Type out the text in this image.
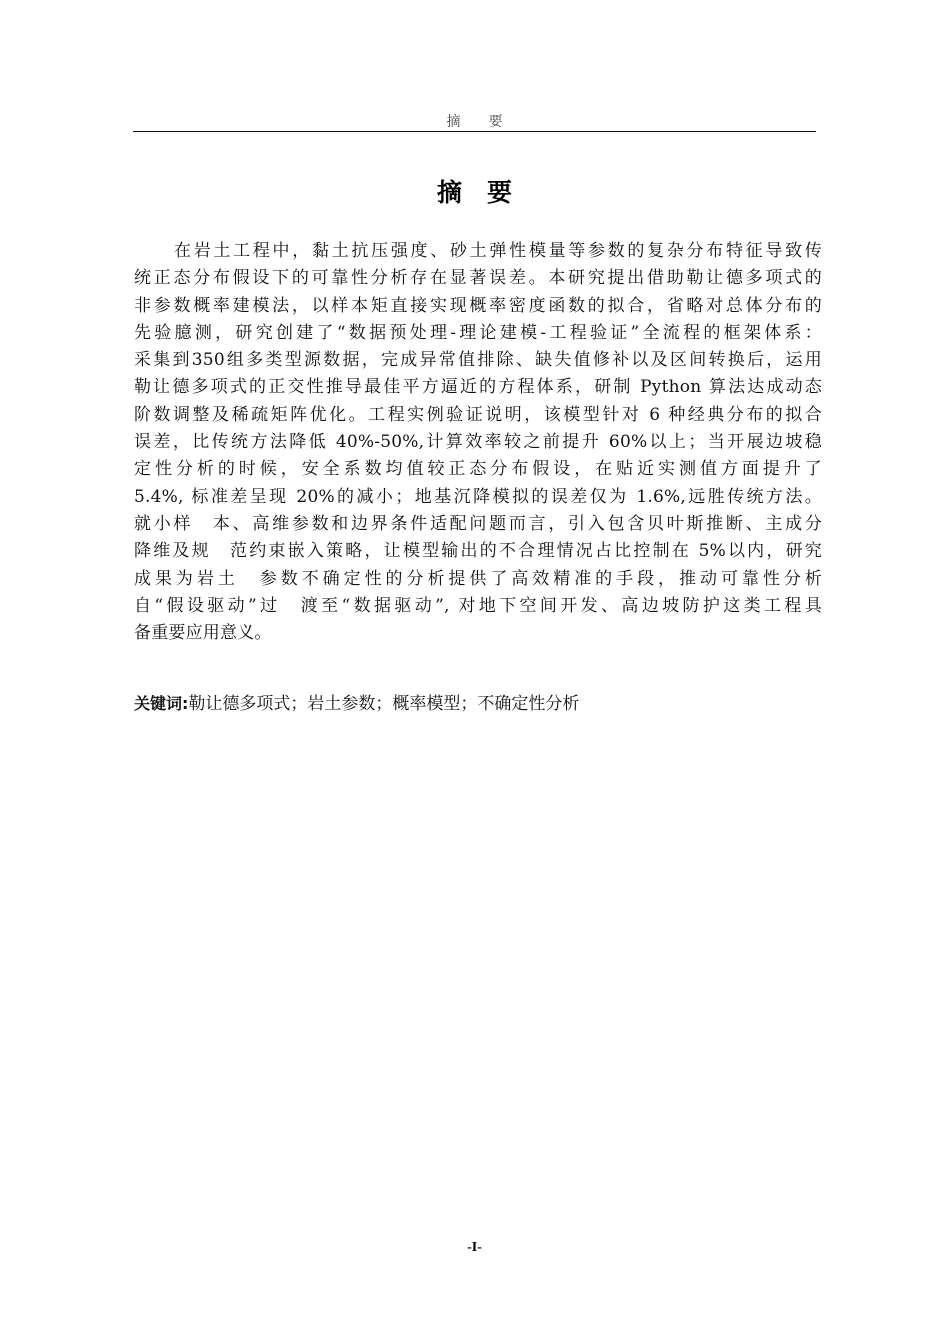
摘　　要
摘　要
在岩土工程中，黏土抗压强度、砂土弹性模量等参数的复杂分布特征导致传
统正态分布假设下的可靠性分析存在显著误差。本研究提出借助勒让德多项式的
非参数概率建模法，以样本矩直接实现概率密度函数的拟合，省略对总体分布的
先验臆测，研究创建了“数据预处理-理论建模-工程验证”全流程的框架体系：
采集到350组多类型源数据，完成异常值排除、缺失值修补以及区间转换后，运用
勒让德多项式的正交性推导最佳平方逼近的方程体系，研制 Python 算法达成动态
阶数调整及稀疏矩阵优化。工程实例验证说明，该模型针对 6 种经典分布的拟合
误差，比传统方法降低 40%-50%,计算效率较之前提升 60%以上；当开展边坡稳
定性分析的时候，安全系数均值较正态分布假设，在贴近实测值方面提升了
5.4%, 标准差呈现 20%的减小；地基沉降模拟的误差仅为 1.6%,远胜传统方法。
就小样　本、高维参数和边界条件适配问题而言，引入包含贝叶斯推断、主成分
降维及规　范约束嵌入策略，让模型输出的不合理情况占比控制在 5%以内，研究
成果为岩土　参数不确定性的分析提供了高效精准的手段，推动可靠性分析
自“假设驱动”过　渡至“数据驱动”, 对地下空间开发、高边坡防护这类工程具
备重要应用意义。
关键词:勒让德多项式；岩土参数；概率模型；不确定性分析
-I-
